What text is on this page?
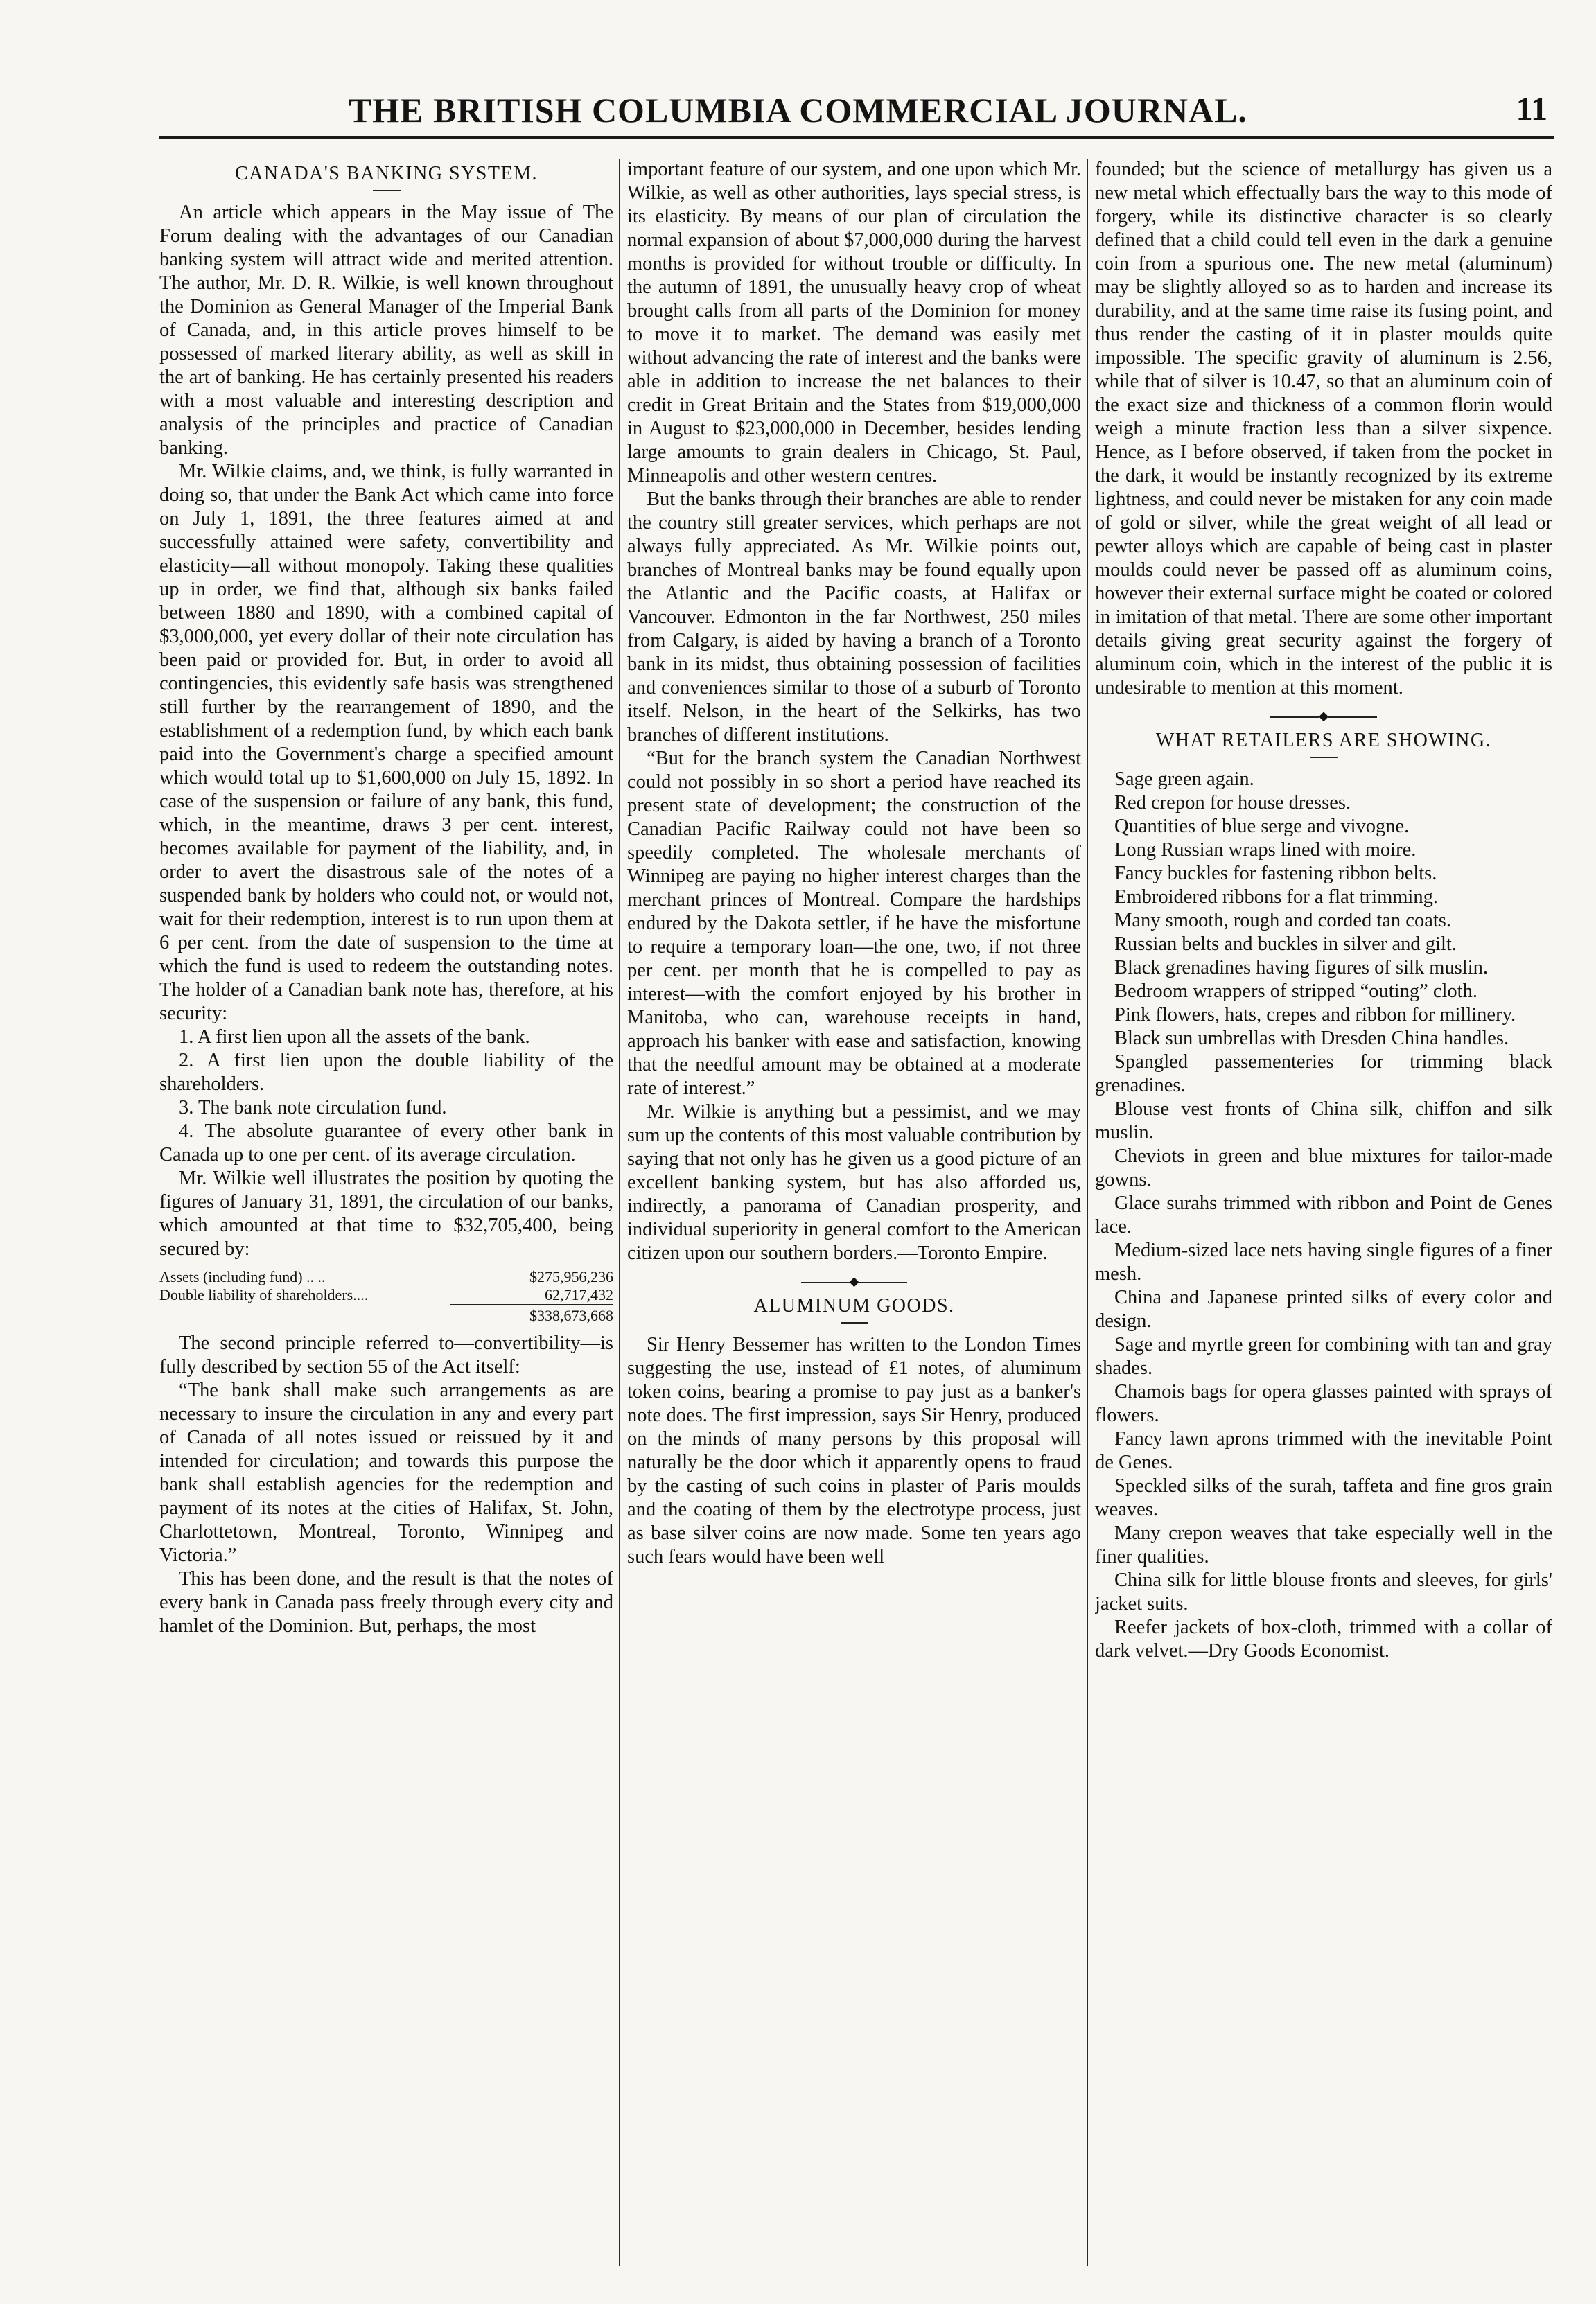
THE BRITISH COLUMBIA COMMERCIAL JOURNAL.	11
CANADA'S BANKING SYSTEM.

An article which appears in the May issue of The Forum dealing with the advantages of our Canadian banking system will attract wide and merited attention. The author, Mr. D. R. Wilkie, is well known throughout the Dominion as General Manager of the Imperial Bank of Canada, and, in this article proves himself to be possessed of marked literary ability, as well as skill in the art of banking. He has certainly presented his readers with a most valuable and interesting description and analysis of the principles and practice of Canadian banking.

Mr. Wilkie claims, and, we think, is fully warranted in doing so, that under the Bank Act which came into force on July 1, 1891, the three features aimed at and successfully attained were safety, convertibility and elasticity—all without monopoly. Taking these qualities up in order, we find that, although six banks failed between 1880 and 1890, with a combined capital of $3,000,000, yet every dollar of their note circulation has been paid or provided for. But, in order to avoid all contingencies, this evidently safe basis was strengthened still further by the rearrangement of 1890, and the establishment of a redemption fund, by which each bank paid into the Government's charge a specified amount which would total up to $1,600,000 on July 15, 1892. In case of the suspension or failure of any bank, this fund, which, in the meantime, draws 3 per cent. interest, becomes available for payment of the liability, and, in order to avert the disastrous sale of the notes of a suspended bank by holders who could not, or would not, wait for their redemption, interest is to run upon them at 6 per cent. from the date of suspension to the time at which the fund is used to redeem the outstanding notes. The holder of a Canadian bank note has, therefore, at his security:

1. A first lien upon all the assets of the bank.

2. A first lien upon the double liability of the shareholders.

3. The bank note circulation fund.

4. The absolute guarantee of every other bank in Canada up to one per cent. of its average circulation.

Mr. Wilkie well illustrates the position by quoting the figures of January 31, 1891, the circulation of our banks, which amounted at that time to $32,705,400, being secured by:

Assets (including fund) .. ..	$275,956,236
Double liability of shareholders....	62,717,432
$338,673,668

The second principle referred to—convertibility—is fully described by section 55 of the Act itself:

“The bank shall make such arrangements as are necessary to insure the circulation in any and every part of Canada of all notes issued or reissued by it and intended for circulation; and towards this purpose the bank shall establish agencies for the redemption and payment of its notes at the cities of Halifax, St. John, Charlottetown, Montreal, Toronto, Winnipeg and Victoria.”

This has been done, and the result is that the notes of every bank in Canada pass freely through every city and hamlet of the Dominion. But, perhaps, the most

important feature of our system, and one upon which Mr. Wilkie, as well as other authorities, lays special stress, is its elasticity. By means of our plan of circulation the normal expansion of about $7,000,000 during the harvest months is provided for without trouble or difficulty. In the autumn of 1891, the unusually heavy crop of wheat brought calls from all parts of the Dominion for money to move it to market. The demand was easily met without advancing the rate of interest and the banks were able in addition to increase the net balances to their credit in Great Britain and the States from $19,000,000 in August to $23,000,000 in December, besides lending large amounts to grain dealers in Chicago, St. Paul, Minneapolis and other western centres.

But the banks through their branches are able to render the country still greater services, which perhaps are not always fully appreciated. As Mr. Wilkie points out, branches of Montreal banks may be found equally upon the Atlantic and the Pacific coasts, at Halifax or Vancouver. Edmonton in the far Northwest, 250 miles from Calgary, is aided by having a branch of a Toronto bank in its midst, thus obtaining possession of facilities and conveniences similar to those of a suburb of Toronto itself. Nelson, in the heart of the Selkirks, has two branches of different institutions.

“But for the branch system the Canadian Northwest could not possibly in so short a period have reached its present state of development; the construction of the Canadian Pacific Railway could not have been so speedily completed. The wholesale merchants of Winnipeg are paying no higher interest charges than the merchant princes of Montreal. Compare the hardships endured by the Dakota settler, if he have the misfortune to require a temporary loan—the one, two, if not three per cent. per month that he is compelled to pay as interest—with the comfort enjoyed by his brother in Manitoba, who can, warehouse receipts in hand, approach his banker with ease and satisfaction, knowing that the needful amount may be obtained at a moderate rate of interest.”

Mr. Wilkie is anything but a pessimist, and we may sum up the contents of this most valuable contribution by saying that not only has he given us a good picture of an excellent banking system, but has also afforded us, indirectly, a panorama of Canadian prosperity, and individual superiority in general comfort to the American citizen upon our southern borders.—Toronto Empire.

◆
ALUMINUM GOODS.

Sir Henry Bessemer has written to the London Times suggesting the use, instead of £1 notes, of aluminum token coins, bearing a promise to pay just as a banker's note does. The first impression, says Sir Henry, produced on the minds of many persons by this proposal will naturally be the door which it apparently opens to fraud by the casting of such coins in plaster of Paris moulds and the coating of them by the electrotype process, just as base silver coins are now made. Some ten years ago such fears would have been well

founded; but the science of metallurgy has given us a new metal which effectually bars the way to this mode of forgery, while its distinctive character is so clearly defined that a child could tell even in the dark a genuine coin from a spurious one. The new metal (aluminum) may be slightly alloyed so as to harden and increase its durability, and at the same time raise its fusing point, and thus render the casting of it in plaster moulds quite impossible. The specific gravity of aluminum is 2.56, while that of silver is 10.47, so that an aluminum coin of the exact size and thickness of a common florin would weigh a minute fraction less than a silver sixpence. Hence, as I before observed, if taken from the pocket in the dark, it would be instantly recognized by its extreme lightness, and could never be mistaken for any coin made of gold or silver, while the great weight of all lead or pewter alloys which are capable of being cast in plaster moulds could never be passed off as aluminum coins, however their external surface might be coated or colored in imitation of that metal. There are some other important details giving great security against the forgery of aluminum coin, which in the interest of the public it is undesirable to mention at this moment.

◆
WHAT RETAILERS ARE SHOWING.

Sage green again.

Red crepon for house dresses.

Quantities of blue serge and vivogne.

Long Russian wraps lined with moire.

Fancy buckles for fastening ribbon belts.

Embroidered ribbons for a flat trimming.

Many smooth, rough and corded tan coats.

Russian belts and buckles in silver and gilt.

Black grenadines having figures of silk muslin.

Bedroom wrappers of stripped “outing” cloth.

Pink flowers, hats, crepes and ribbon for millinery.

Black sun umbrellas with Dresden China handles.

Spangled passementeries for trimming black grenadines.

Blouse vest fronts of China silk, chiffon and silk muslin.

Cheviots in green and blue mixtures for tailor-made gowns.

Glace surahs trimmed with ribbon and Point de Genes lace.

Medium-sized lace nets having single figures of a finer mesh.

China and Japanese printed silks of every color and design.

Sage and myrtle green for combining with tan and gray shades.

Chamois bags for opera glasses painted with sprays of flowers.

Fancy lawn aprons trimmed with the inevitable Point de Genes.

Speckled silks of the surah, taffeta and fine gros grain weaves.

Many crepon weaves that take especially well in the finer qualities.

China silk for little blouse fronts and sleeves, for girls' jacket suits.

Reefer jackets of box-cloth, trimmed with a collar of dark velvet.—Dry Goods Economist.
